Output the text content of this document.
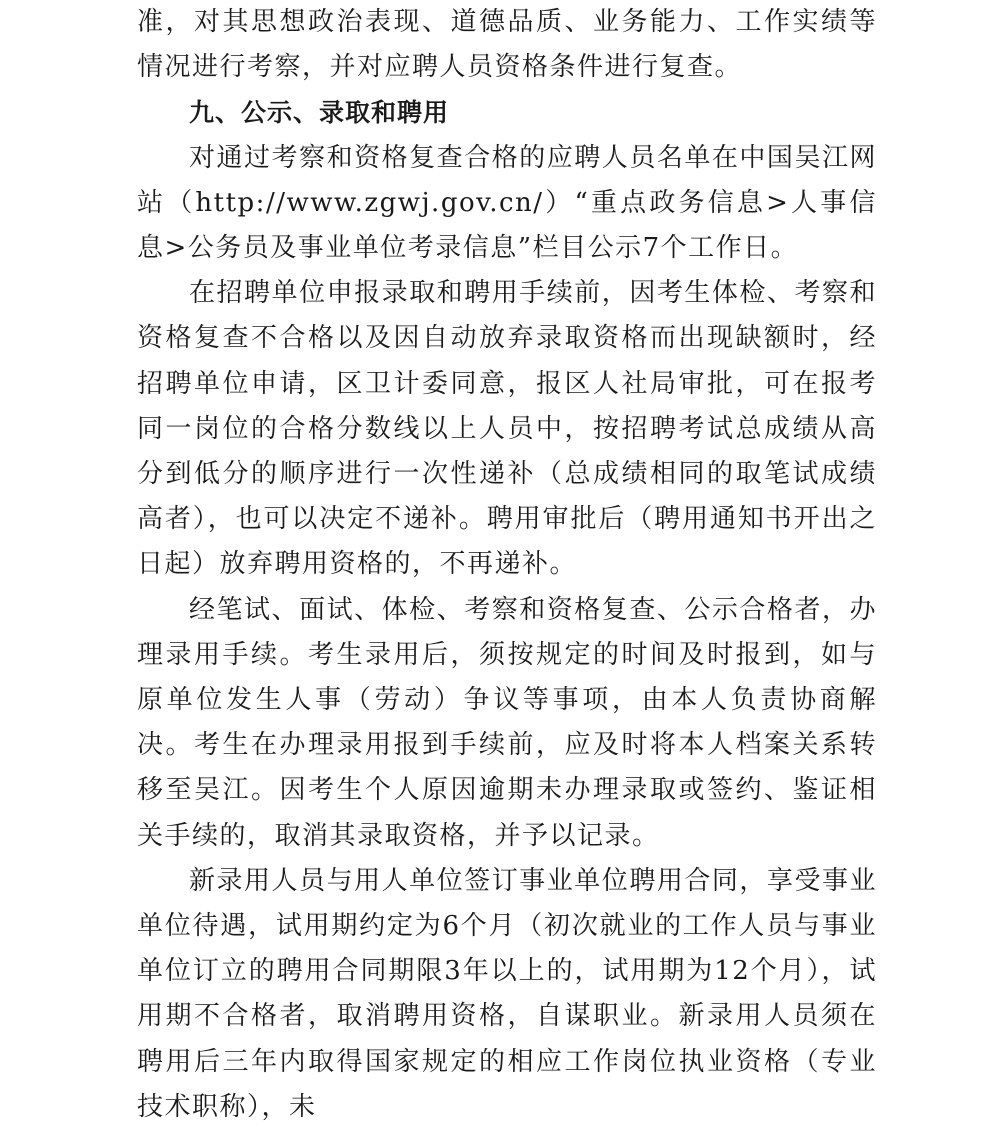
准，对其思想政治表现、道德品质、业务能力、工作实绩等情况进行考察，并对应聘人员资格条件进行复查。

九、公示、录取和聘用

对通过考察和资格复查合格的应聘人员名单在中国吴江网站（http://www.zgwj.gov.cn/）“重点政务信息>人事信息>公务员及事业单位考录信息”栏目公示7个工作日。

在招聘单位申报录取和聘用手续前，因考生体检、考察和资格复查不合格以及因自动放弃录取资格而出现缺额时，经招聘单位申请，区卫计委同意，报区人社局审批，可在报考同一岗位的合格分数线以上人员中，按招聘考试总成绩从高分到低分的顺序进行一次性递补（总成绩相同的取笔试成绩高者），也可以决定不递补。聘用审批后（聘用通知书开出之日起）放弃聘用资格的，不再递补。

经笔试、面试、体检、考察和资格复查、公示合格者，办理录用手续。考生录用后，须按规定的时间及时报到，如与原单位发生人事（劳动）争议等事项，由本人负责协商解决。考生在办理录用报到手续前，应及时将本人档案关系转移至吴江。因考生个人原因逾期未办理录取或签约、鉴证相关手续的，取消其录取资格，并予以记录。

新录用人员与用人单位签订事业单位聘用合同，享受事业单位待遇，试用期约定为6个月（初次就业的工作人员与事业单位订立的聘用合同期限3年以上的，试用期为12个月），试用期不合格者，取消聘用资格，自谋职业。新录用人员须在聘用后三年内取得国家规定的相应工作岗位执业资格（专业技术职称），未
